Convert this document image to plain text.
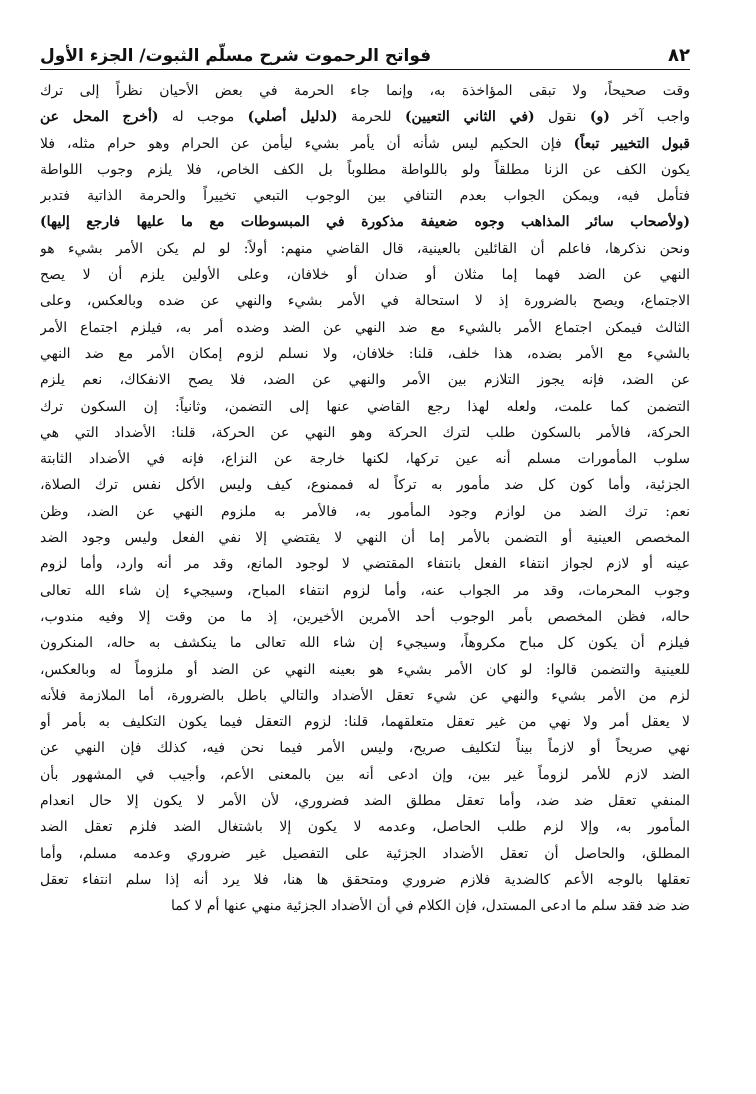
فواتح الرحموت شرح مسلّم الثبوت/ الجزء الأول	٨٢
وقت صحيحاً، ولا تبقى المؤاخذة به، وإنما جاء الحرمة في بعض الأحيان نظراً إلى ترك
واجب آخر (و) نقول (في الثاني التعيين) للحرمة (لدليل أصلي) موجب له (أخرج المحل عن
قبول التخيير تبعاً) فإن الحكيم ليس شأنه أن يأمر بشيء ليأمن عن الحرام وهو حرام مثله، فلا
يكون الكف عن الزنا مطلقاً ولو باللواطة مطلوباً بل الكف الخاص، فلا يلزم وجوب اللواطة
فتأمل فيه، ويمكن الجواب بعدم التنافي بين الوجوب التبعي تخييراً والحرمة الذاتية فتدبر
(ولأصحاب سائر المذاهب وجوه ضعيفة مذكورة في المبسوطات مع ما عليها فارجع إليها)
ونحن نذكرها، فاعلم أن القائلين بالعينية، قال القاضي منهم: أولاً: لو لم يكن الأمر بشيء هو
النهي عن الضد فهما إما مثلان أو ضدان أو خلافان، وعلى الأولين يلزم أن لا يصح
الاجتماع، ويصح بالضرورة إذ لا استحالة في الأمر بشيء والنهي عن ضده وبالعكس، وعلى
الثالث فيمكن اجتماع الأمر بالشيء مع ضد النهي عن الضد وضده أمر به، فيلزم اجتماع الأمر
بالشيء مع الأمر بضده، هذا خلف، قلنا: خلافان، ولا نسلم لزوم إمكان الأمر مع ضد النهي
عن الضد، فإنه يجوز التلازم بين الأمر والنهي عن الضد، فلا يصح الانفكاك، نعم يلزم
التضمن كما علمت، ولعله لهذا رجع القاضي عنها إلى التضمن، وثانياً: إن السكون ترك
الحركة، فالأمر بالسكون طلب لترك الحركة وهو النهي عن الحركة، قلنا: الأضداد التي هي
سلوب المأمورات مسلم أنه عين تركها، لكنها خارجة عن النزاع، فإنه في الأضداد الثابتة
الجزئية، وأما كون كل ضد مأمور به تركاً له فممنوع، كيف وليس الأكل نفس ترك الصلاة،
نعم: ترك الضد من لوازم وجود المأمور به، فالأمر به ملزوم النهي عن الضد، وظن
المخصص العينية أو التضمن بالأمر إما أن النهي لا يقتضي إلا نفي الفعل وليس وجود الضد
عينه أو لازم لجواز انتفاء الفعل بانتفاء المقتضي لا لوجود المانع، وقد مر أنه وارد، وأما لزوم
وجوب المحرمات، وقد مر الجواب عنه، وأما لزوم انتفاء المباح، وسيجيء إن شاء الله تعالى
حاله، فظن المخصص بأمر الوجوب أحد الأمرين الأخيرين، إذ ما من وقت إلا وفيه مندوب،
فيلزم أن يكون كل مباح مكروهاً، وسيجيء إن شاء الله تعالى ما ينكشف به حاله، المنكرون
للعينية والتضمن قالوا: لو كان الأمر بشيء هو بعينه النهي عن الضد أو ملزوماً له وبالعكس،
لزم من الأمر بشيء والنهي عن شيء تعقل الأضداد والتالي باطل بالضرورة، أما الملازمة فلأنه
لا يعقل أمر ولا نهي من غير تعقل متعلقهما، قلنا: لزوم التعقل فيما يكون التكليف به بأمر أو
نهي صريحاً أو لازماً بيناً لتكليف صريح، وليس الأمر فيما نحن فيه، كذلك فإن النهي عن
الضد لازم للأمر لزوماً غير بين، وإن ادعى أنه بين بالمعنى الأعم، وأجيب في المشهور بأن
المنفي تعقل ضد ضد، وأما تعقل مطلق الضد فضروري، لأن الأمر لا يكون إلا حال انعدام
المأمور به، وإلا لزم طلب الحاصل، وعدمه لا يكون إلا باشتغال الضد فلزم تعقل الضد
المطلق، والحاصل أن تعقل الأضداد الجزئية على التفصيل غير ضروري وعدمه مسلم، وأما
تعقلها بالوجه الأعم كالضدية فلازم ضروري ومتحقق ها هنا، فلا يرد أنه إذا سلم انتفاء تعقل
ضد ضد فقد سلم ما ادعى المستدل، فإن الكلام في أن الأضداد الجزئية منهي عنها أم لا كما
